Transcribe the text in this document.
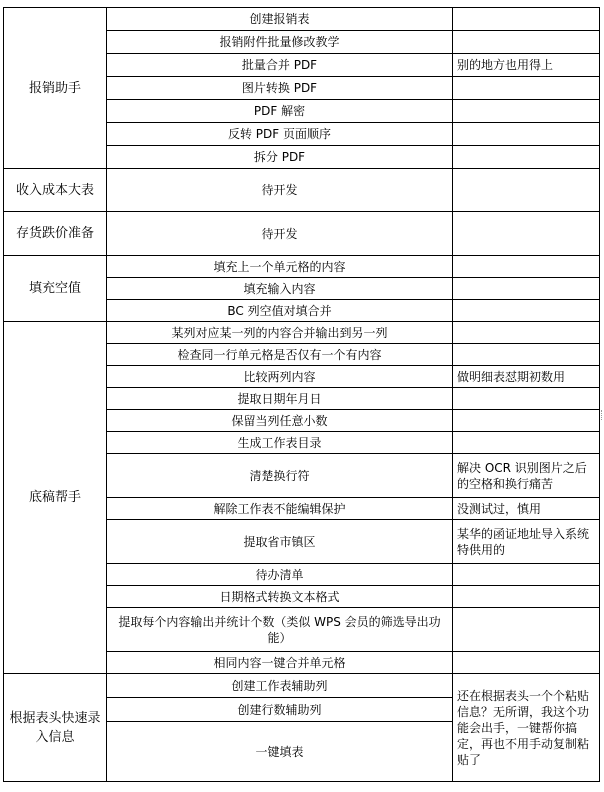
报销助手	创建报销表	
	报销附件批量修改教学	
	批量合并 PDF	别的地方也用得上
	图片转换 PDF	
	PDF 解密	
	反转 PDF 页面顺序	
	拆分 PDF	
收入成本大表	待开发	
存货跌价准备	待开发	
填充空值	填充上一个单元格的内容	
	填充输入内容	
	BC 列空值对填合并	
底稿帮手	某列对应某一列的内容合并输出到另一列	
	检查同一行单元格是否仅有一个有内容	
	比较两列内容	做明细表怼期初数用
	提取日期年月日	
	保留当列任意小数	
	生成工作表目录	
	清楚换行符	解决 OCR 识别图片之后的空格和换行痛苦
	解除工作表不能编辑保护	没测试过，慎用
	提取省市镇区	某华的函证地址导入系统特供用的
	待办清单	
	日期格式转换文本格式	
	提取每个内容输出并统计个数（类似 WPS 会员的筛选导出功能）	
	相同内容一键合并单元格	
根据表头快速录入信息	创建工作表辅助列	还在根据表头一个个粘贴信息？无所谓，我这个功能会出手，一键帮你搞定，再也不用手动复制粘贴了
	创建行数辅助列	
	一键填表	
